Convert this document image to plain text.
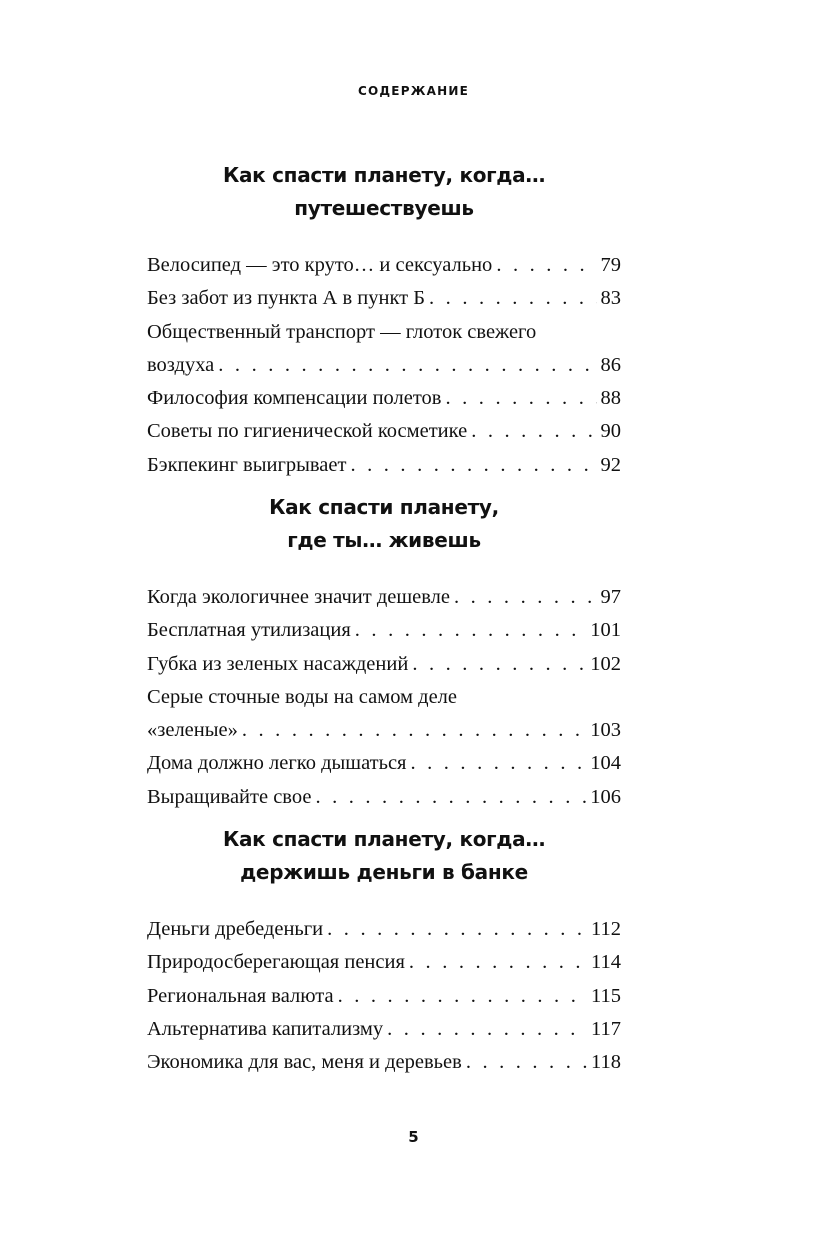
СОДЕРЖАНИЕ
Как спасти планету, когда…
путешествуешь
Велосипед — это круто… и сексуально . . .	79
Без забот из пункта А в пункт Б . . .	83
Общественный транспорт — глоток свежего
воздуха . . .	86
Философия компенсации полетов . . .	88
Советы по гигиенической косметике . . .	90
Бэкпекинг выигрывает . . .	92
Как спасти планету,
где ты… живешь
Когда экологичнее значит дешевле . . .	97
Бесплатная утилизация . . .	101
Губка из зеленых насаждений . . .	102
Серые сточные воды на самом деле
«зеленые» . . .	103
Дома должно легко дышаться . . .	104
Выращивайте свое . . .	106
Как спасти планету, когда…
держишь деньги в банке
Деньги дребеденьги . . .	112
Природосберегающая пенсия . . .	114
Региональная валюта . . .	115
Альтернатива капитализму . . .	117
Экономика для вас, меня и деревьев . . .	118
5
